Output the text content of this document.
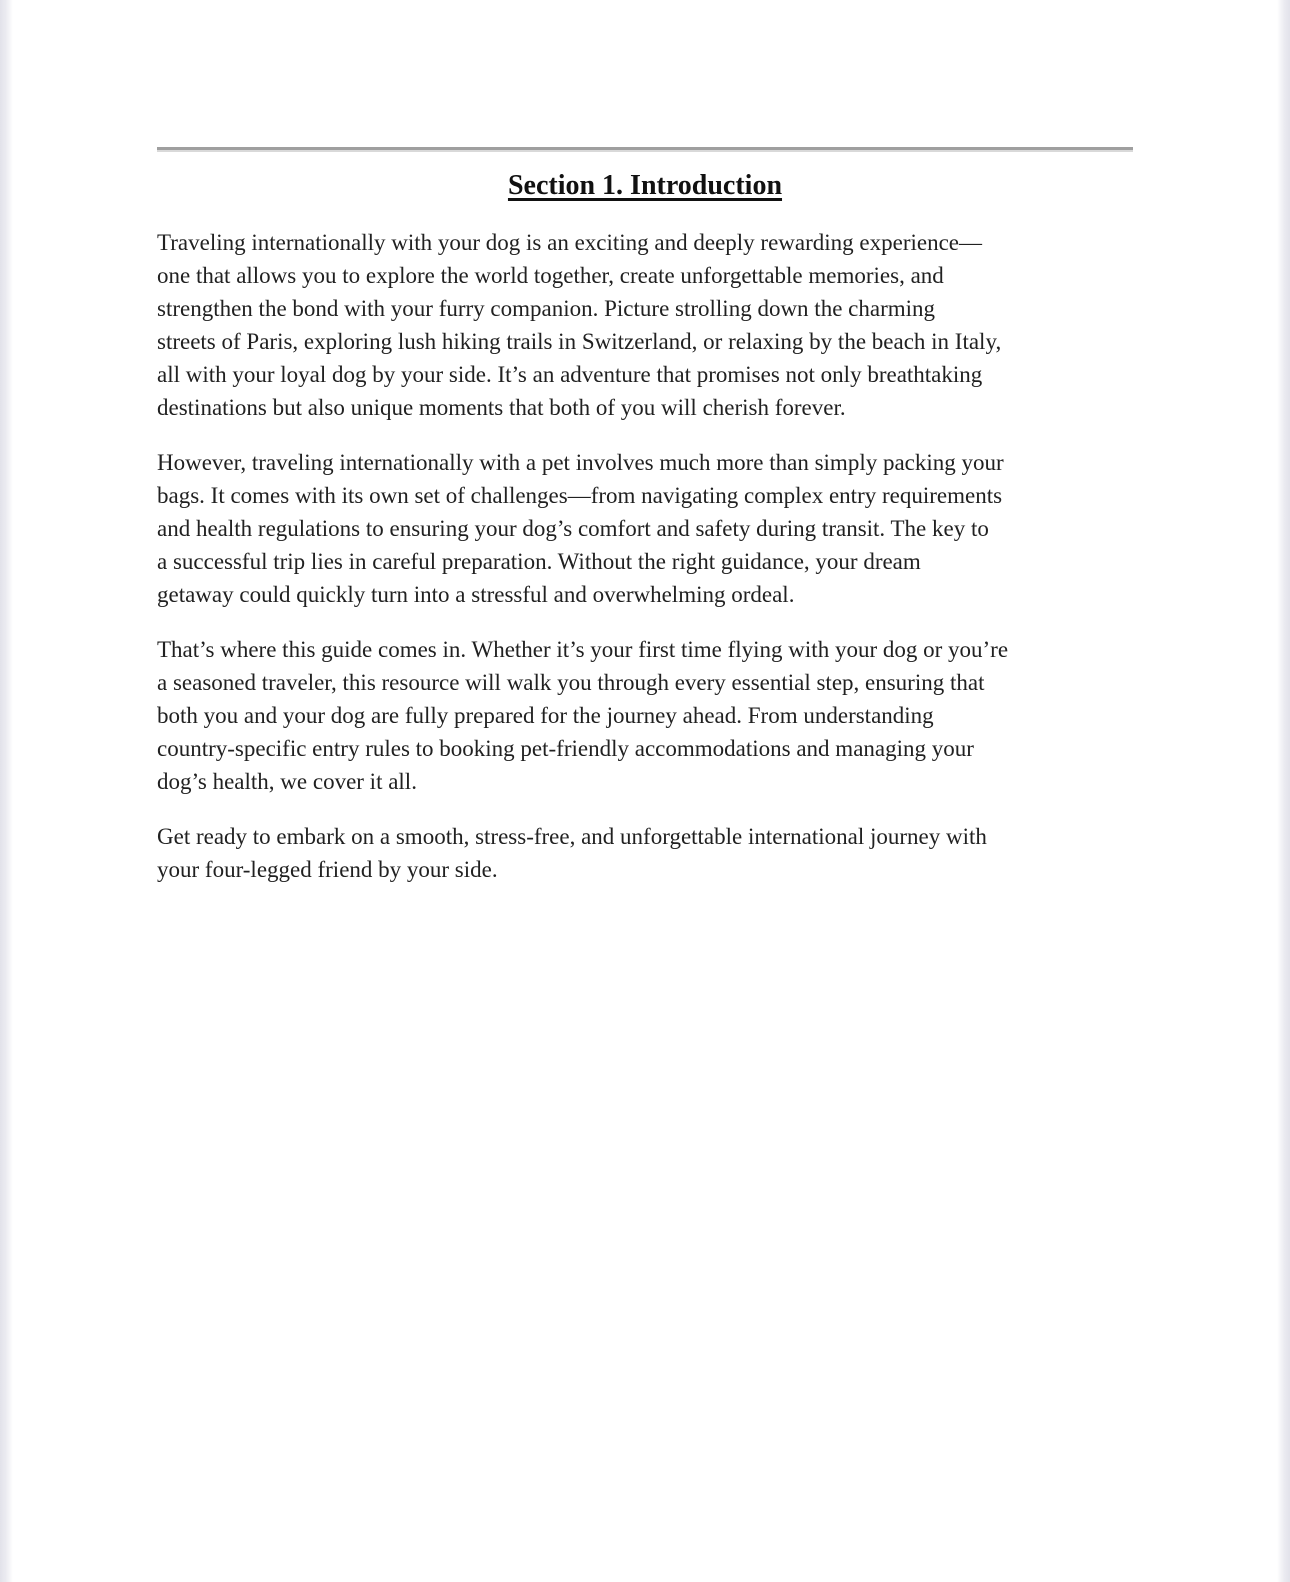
Section 1. Introduction
Traveling internationally with your dog is an exciting and deeply rewarding experience—
one that allows you to explore the world together, create unforgettable memories, and
strengthen the bond with your furry companion. Picture strolling down the charming
streets of Paris, exploring lush hiking trails in Switzerland, or relaxing by the beach in Italy,
all with your loyal dog by your side. It’s an adventure that promises not only breathtaking
destinations but also unique moments that both of you will cherish forever.
However, traveling internationally with a pet involves much more than simply packing your
bags. It comes with its own set of challenges—from navigating complex entry requirements
and health regulations to ensuring your dog’s comfort and safety during transit. The key to
a successful trip lies in careful preparation. Without the right guidance, your dream
getaway could quickly turn into a stressful and overwhelming ordeal.
That’s where this guide comes in. Whether it’s your first time flying with your dog or you’re
a seasoned traveler, this resource will walk you through every essential step, ensuring that
both you and your dog are fully prepared for the journey ahead. From understanding
country-specific entry rules to booking pet-friendly accommodations and managing your
dog’s health, we cover it all.
Get ready to embark on a smooth, stress-free, and unforgettable international journey with
your four-legged friend by your side.
